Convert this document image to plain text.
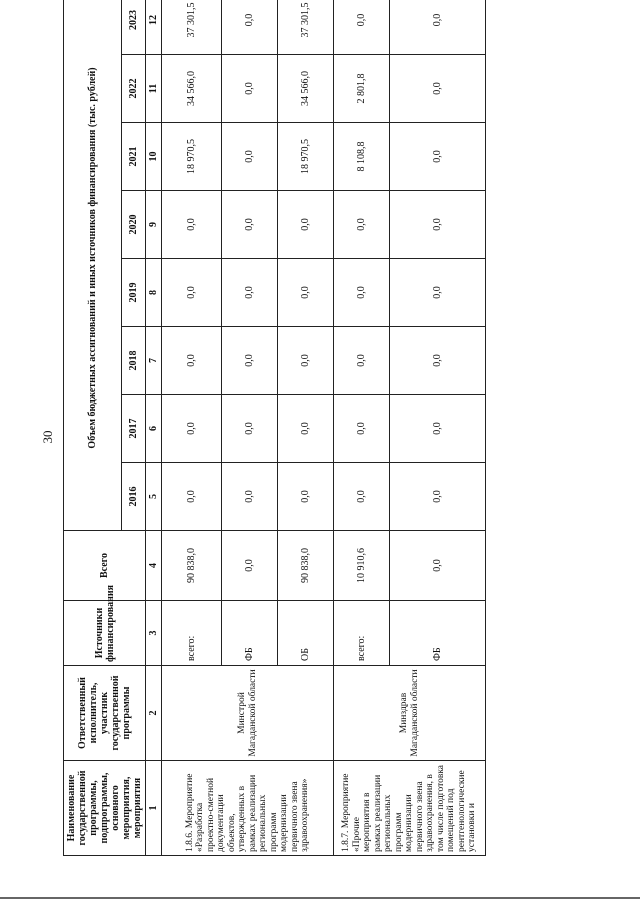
30
Наименование государственной программы, подпрограммы, основного мероприятия, мероприятия	Ответственный исполнитель, участник государственной программы	Источники финансирования	Всего	Объем бюджетных ассигнований и иных источников финансирования (тыс. рублей)							
				2016	2017	2018	2019	2020	2021	2022	2023
1	2	3	4	5	6	7	8	9	10	11	12
1.8.6. Мероприятие «Разработка проектно-сметной документации объектов, утвержденных в рамках реализации региональных программ модернизации первичного звена здравоохранения»	Минстрой Магаданской области	всего:	90 838,0	0,0	0,0	0,0	0,0	0,0	18 970,5	34 566,0	37 301,5
		ФБ	0,0	0,0	0,0	0,0	0,0	0,0	0,0	0,0	0,0
		ОБ	90 838,0	0,0	0,0	0,0	0,0	0,0	18 970,5	34 566,0	37 301,5
1.8.7. Мероприятие «Прочие мероприятия в рамках реализации региональных программ модернизации первичного звена здравоохранения, в том числе подготовка помещений под рентгенологические установки и	Минздрав Магаданской области	всего:	10 910,6	0,0	0,0	0,0	0,0	0,0	8 108,8	2 801,8	0,0
		ФБ	0,0	0,0	0,0	0,0	0,0	0,0	0,0	0,0	0,0
